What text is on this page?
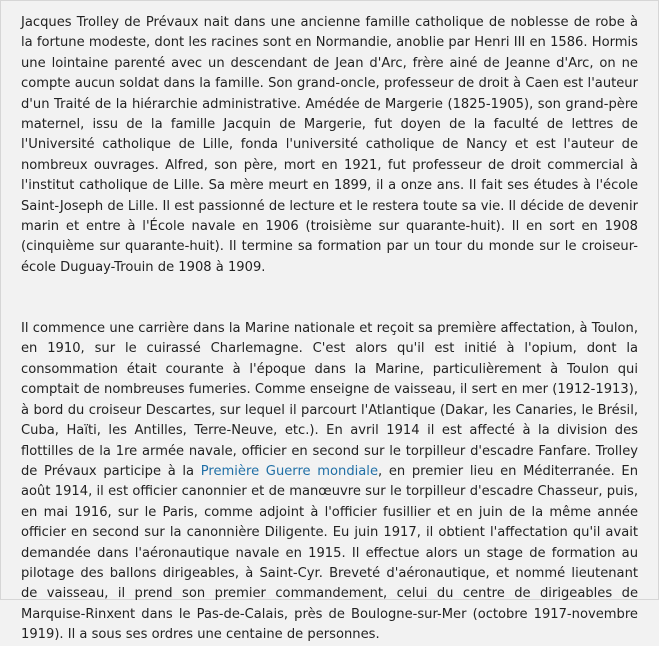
Jacques Trolley de Prévaux nait dans une ancienne famille catholique de noblesse de robe à la fortune modeste, dont les racines sont en Normandie, anoblie par Henri III en 1586. Hormis une lointaine parenté avec un descendant de Jean d'Arc, frère ainé de Jeanne d'Arc, on ne compte aucun soldat dans la famille. Son grand-oncle, professeur de droit à Caen est l'auteur d'un Traité de la hiérarchie administrative. Amédée de Margerie (1825-1905), son grand-père maternel, issu de la famille Jacquin de Margerie, fut doyen de la faculté de lettres de l'Université catholique de Lille, fonda l'université catholique de Nancy et est l'auteur de nombreux ouvrages. Alfred, son père, mort en 1921, fut professeur de droit commercial à l'institut catholique de Lille. Sa mère meurt en 1899, il a onze ans. Il fait ses études à l'école Saint-Joseph de Lille. Il est passionné de lecture et le restera toute sa vie. Il décide de devenir marin et entre à l'École navale en 1906 (troisième sur quarante-huit). Il en sort en 1908 (cinquième sur quarante-huit). Il termine sa formation par un tour du monde sur le croiseur-école Duguay-Trouin de 1908 à 1909.

Il commence une carrière dans la Marine nationale et reçoit sa première affectation, à Toulon, en 1910, sur le cuirassé Charlemagne. C'est alors qu'il est initié à l'opium, dont la consommation était courante à l'époque dans la Marine, particulièrement à Toulon qui comptait de nombreuses fumeries. Comme enseigne de vaisseau, il sert en mer (1912-1913), à bord du croiseur Descartes, sur lequel il parcourt l'Atlantique (Dakar, les Canaries, le Brésil, Cuba, Haïti, les Antilles, Terre-Neuve, etc.). En avril 1914 il est affecté à la division des flottilles de la 1re armée navale, officier en second sur le torpilleur d'escadre Fanfare. Trolley de Prévaux participe à la Première Guerre mondiale, en premier lieu en Méditerranée. En août 1914, il est officier canonnier et de manœuvre sur le torpilleur d'escadre Chasseur, puis, en mai 1916, sur le Paris, comme adjoint à l'officier fusillier et en juin de la même année officier en second sur la canonnière Diligente. Eu juin 1917, il obtient l'affectation qu'il avait demandée dans l'aéronautique navale en 1915. Il effectue alors un stage de formation au pilotage des ballons dirigeables, à Saint-Cyr. Breveté d'aéronautique, et nommé lieutenant de vaisseau, il prend son premier commandement, celui du centre de dirigeables de Marquise-Rinxent dans le Pas-de-Calais, près de Boulogne-sur-Mer (octobre 1917-novembre 1919). Il a sous ses ordres une centaine de personnes.
